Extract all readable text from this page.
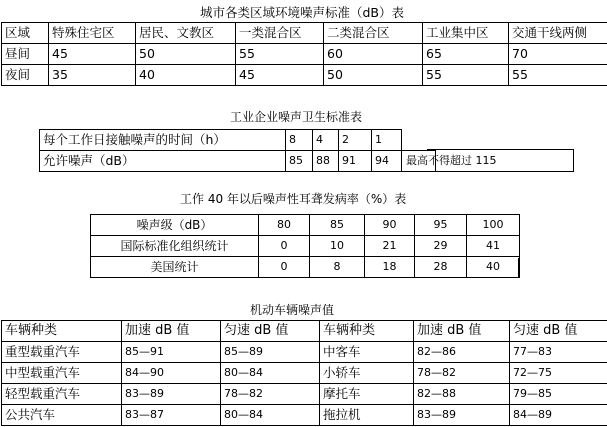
城市各类区域环境噪声标准（dB）表
区域	特殊住宅区	居民、文教区	一类混合区	二类混合区	工业集中区	交通干线两侧
昼间	45	50	55	60	65	70
夜间	35	40	45	50	55	55
工业企业噪声卫生标准表
每个工作日接触噪声的时间（h）	8	4	2	1	
允许噪声（dB）	85	88	91	94	最高不得超过 115
工作 40 年以后噪声性耳聋发病率（%）表
噪声级（dB）	80	85	90	95	100
国际标准化组织统计	0	10	21	29	41
美国统计	0	8	18	28	40
机动车辆噪声值
车辆种类	加速 dB 值	匀速 dB 值	车辆种类	加速 dB 值	匀速 dB 值
重型载重汽车	85—91	85—89	中客车	82—86	77—83
中型载重汽车	84—90	80—84	小轿车	78—82	72—75
轻型载重汽车	83—89	78—82	摩托车	82—88	79—85
公共汽车	83—87	80—84	拖拉机	83—89	84—89
